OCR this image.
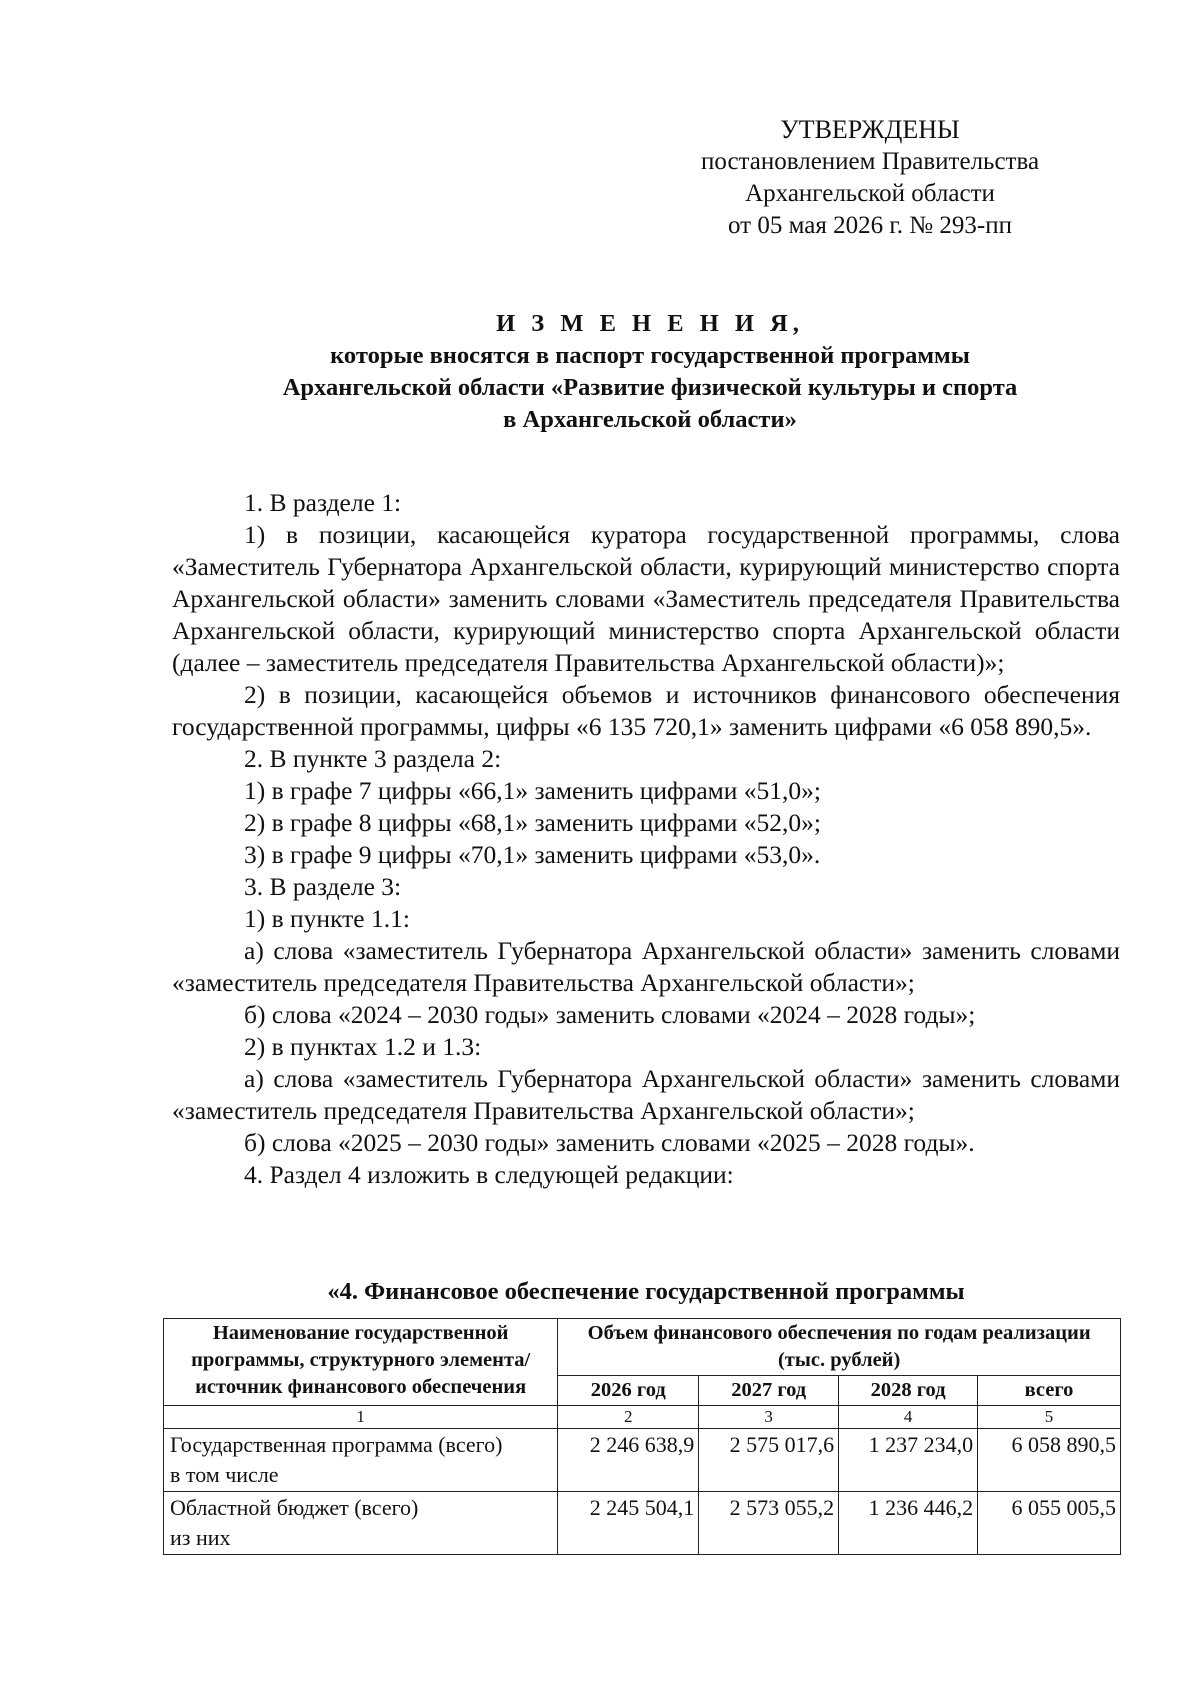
УТВЕРЖДЕНЫ
постановлением Правительства
Архангельской области
от 05 мая 2026 г. № 293-пп
И З М Е Н Е Н И Я,
которые вносятся в паспорт государственной программы
Архангельской области «Развитие физической культуры и спорта
в Архангельской области»

1. В разделе 1:

1) в позиции, касающейся куратора государственной программы, слова «Заместитель Губернатора Архангельской области, курирующий министерство спорта Архангельской области» заменить словами «Заместитель председателя Правительства Архангельской области, курирующий министерство спорта Архангельской области (далее – заместитель председателя Правительства Архангельской области)»;

2) в позиции, касающейся объемов и источников финансового обеспечения государственной программы, цифры «6 135 720,1» заменить цифрами «6 058 890,5».

2. В пункте 3 раздела 2:

1) в графе 7 цифры «66,1» заменить цифрами «51,0»;

2) в графе 8 цифры «68,1» заменить цифрами «52,0»;

3) в графе 9 цифры «70,1» заменить цифрами «53,0».

3. В разделе 3:

1) в пункте 1.1:

а) слова «заместитель Губернатора Архангельской области» заменить словами «заместитель председателя Правительства Архангельской области»;

б) слова «2024 – 2030 годы» заменить словами «2024 – 2028 годы»;

2) в пунктах 1.2 и 1.3:

а) слова «заместитель Губернатора Архангельской области» заменить словами «заместитель председателя Правительства Архангельской области»;

б) слова «2025 – 2030 годы» заменить словами «2025 – 2028 годы».

4. Раздел 4 изложить в следующей редакции:

«4. Финансовое обеспечение государственной программы
Наименование государственной программы, структурного элемента/источник финансового обеспечения	Объем финансового обеспечения по годам реализации (тыс. рублей)			
	2026 год	2027 год	2028 год	всего
1	2	3	4	5

Государственная программа (всего)
в том числе	2 246 638,9	2 575 017,6	1 237 234,0	6 058 890,5

Областной бюджет (всего)
из них	2 245 504,1	2 573 055,2	1 236 446,2	6 055 005,5
